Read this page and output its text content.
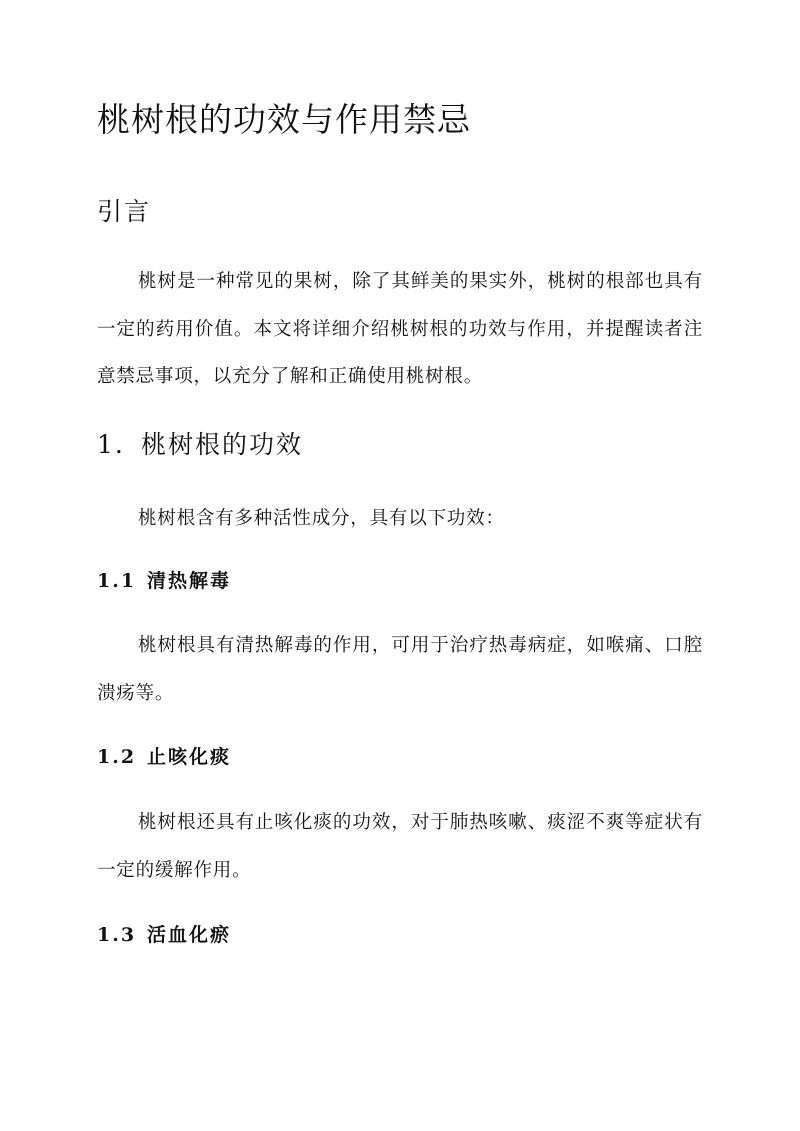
桃树根的功效与作用禁忌
引言

桃树是一种常见的果树，除了其鲜美的果实外，桃树的根部也具有一定的药用价值。本文将详细介绍桃树根的功效与作用，并提醒读者注意禁忌事项，以充分了解和正确使用桃树根。

1. 桃树根的功效

桃树根含有多种活性成分，具有以下功效：

1.1 清热解毒

桃树根具有清热解毒的作用，可用于治疗热毒病症，如喉痛、口腔溃疡等。

1.2 止咳化痰

桃树根还具有止咳化痰的功效，对于肺热咳嗽、痰涩不爽等症状有一定的缓解作用。

1.3 活血化瘀
